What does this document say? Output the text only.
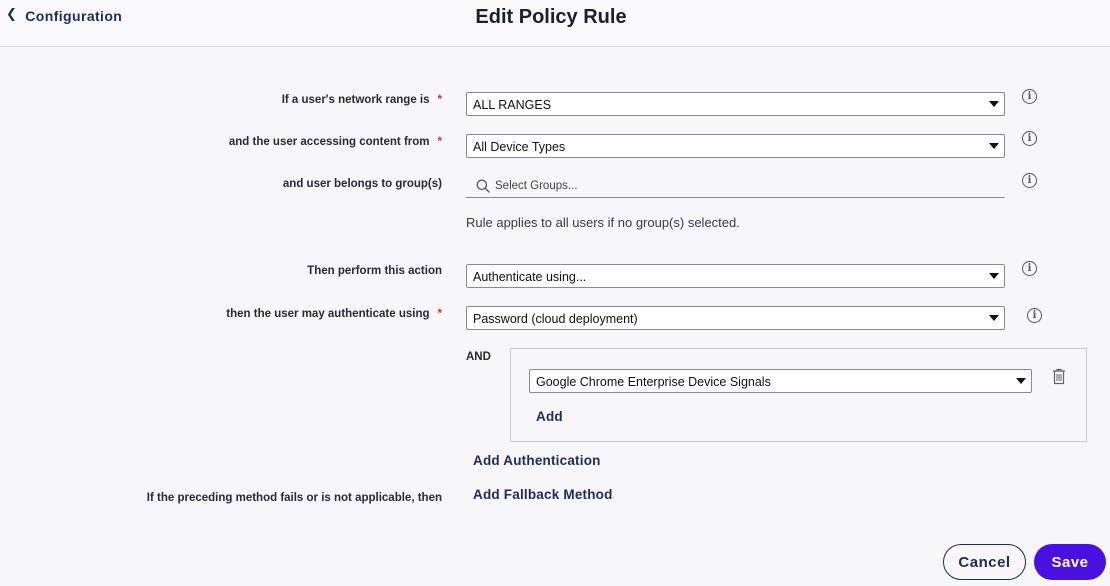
❮ Configuration	Edit Policy Rule
If a user's network range is *	ALL RANGES
i
and the user accessing content from *	All Device Types
i
and user belongs to group(s)	Select Groups...	i
Rule applies to all users if no group(s) selected.
Then perform this action	Authenticate using...
i
then the user may authenticate using *	Password (cloud deployment)	i
AND
Google Chrome Enterprise Device Signals
Add
Add Authentication
If the preceding method fails or is not applicable, then Add Fallback Method
Cancel	Save
